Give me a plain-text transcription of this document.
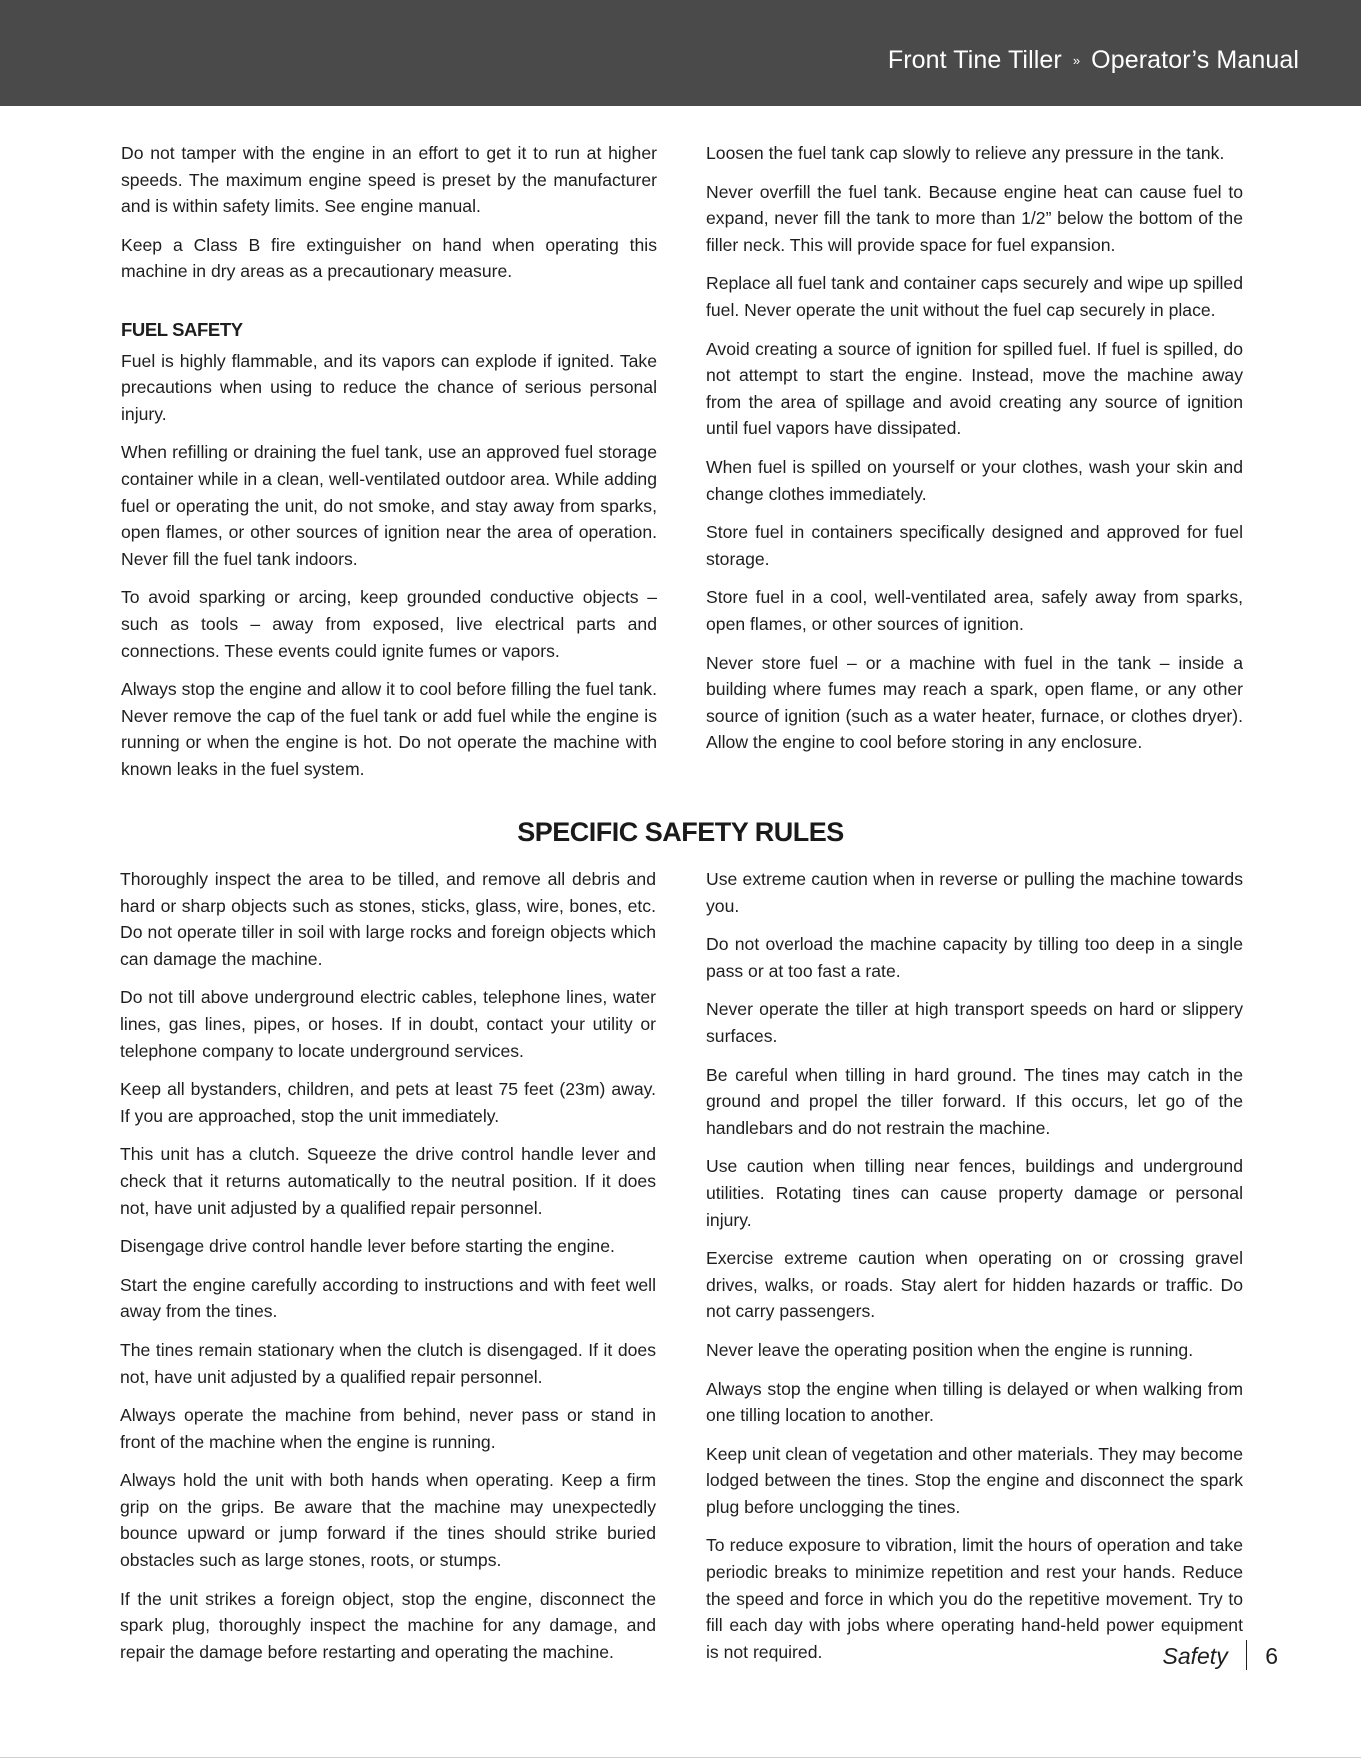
Front Tine Tiller » Operator’s Manual

Do not tamper with the engine in an effort to get it to run at higher speeds. The maximum engine speed is preset by the manufacturer and is within safety limits. See engine manual.

Keep a Class B fire extinguisher on hand when operating this machine in dry areas as a precautionary measure.

FUEL SAFETY

Fuel is highly flammable, and its vapors can explode if ignited. Take precautions when using to reduce the chance of serious personal injury.

When refilling or draining the fuel tank, use an approved fuel storage container while in a clean, well-ventilated outdoor area. While adding fuel or operating the unit, do not smoke, and stay away from sparks, open flames, or other sources of ignition near the area of operation. Never fill the fuel tank indoors.

To avoid sparking or arcing, keep grounded conductive objects – such as tools – away from exposed, live electrical parts and connections. These events could ignite fumes or vapors.

Always stop the engine and allow it to cool before filling the fuel tank. Never remove the cap of the fuel tank or add fuel while the engine is running or when the engine is hot. Do not operate the machine with known leaks in the fuel system.

Loosen the fuel tank cap slowly to relieve any pressure in the tank.

Never overfill the fuel tank. Because engine heat can cause fuel to expand, never fill the tank to more than 1/2” below the bottom of the filler neck. This will provide space for fuel expansion.

Replace all fuel tank and container caps securely and wipe up spilled fuel. Never operate the unit without the fuel cap securely in place.

Avoid creating a source of ignition for spilled fuel. If fuel is spilled, do not attempt to start the engine. Instead, move the machine away from the area of spillage and avoid creating any source of ignition until fuel vapors have dissipated.

When fuel is spilled on yourself or your clothes, wash your skin and change clothes immediately.

Store fuel in containers specifically designed and approved for fuel storage.

Store fuel in a cool, well-ventilated area, safely away from sparks, open flames, or other sources of ignition.

Never store fuel – or a machine with fuel in the tank – inside a building where fumes may reach a spark, open flame, or any other source of ignition (such as a water heater, furnace, or clothes dryer). Allow the engine to cool before storing in any enclosure.

SPECIFIC SAFETY RULES

Thoroughly inspect the area to be tilled, and remove all debris and hard or sharp objects such as stones, sticks, glass, wire, bones, etc. Do not operate tiller in soil with large rocks and foreign objects which can damage the machine.

Do not till above underground electric cables, telephone lines, water lines, gas lines, pipes, or hoses. If in doubt, contact your utility or telephone company to locate underground services.

Keep all bystanders, children, and pets at least 75 feet (23m) away. If you are approached, stop the unit immediately.

This unit has a clutch. Squeeze the drive control handle lever and check that it returns automatically to the neutral position. If it does not, have unit adjusted by a qualified repair personnel.

Disengage drive control handle lever before starting the engine.

Start the engine carefully according to instructions and with feet well away from the tines.

The tines remain stationary when the clutch is disengaged. If it does not, have unit adjusted by a qualified repair personnel.

Always operate the machine from behind, never pass or stand in front of the machine when the engine is running.

Always hold the unit with both hands when operating. Keep a firm grip on the grips. Be aware that the machine may unexpectedly bounce upward or jump forward if the tines should strike buried obstacles such as large stones, roots, or stumps.

If the unit strikes a foreign object, stop the engine, disconnect the spark plug, thoroughly inspect the machine for any damage, and repair the damage before restarting and operating the machine.

Use extreme caution when in reverse or pulling the machine towards you.

Do not overload the machine capacity by tilling too deep in a single pass or at too fast a rate.

Never operate the tiller at high transport speeds on hard or slippery surfaces.

Be careful when tilling in hard ground. The tines may catch in the ground and propel the tiller forward. If this occurs, let go of the handlebars and do not restrain the machine.

Use caution when tilling near fences, buildings and underground utilities. Rotating tines can cause property damage or personal injury.

Exercise extreme caution when operating on or crossing gravel drives, walks, or roads. Stay alert for hidden hazards or traffic. Do not carry passengers.

Never leave the operating position when the engine is running.

Always stop the engine when tilling is delayed or when walking from one tilling location to another.

Keep unit clean of vegetation and other materials. They may become lodged between the tines. Stop the engine and disconnect the spark plug before unclogging the tines.

To reduce exposure to vibration, limit the hours of operation and take periodic breaks to minimize repetition and rest your hands. Reduce the speed and force in which you do the repetitive movement. Try to fill each day with jobs where operating hand-held power equipment is not required.	Safety 6
